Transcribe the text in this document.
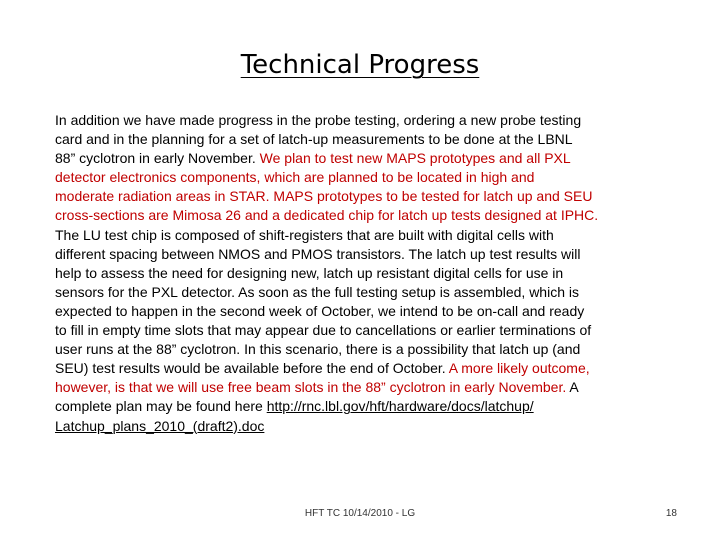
Technical Progress
In addition we have made progress in the probe testing, ordering a new probe testing
card and in the planning for a set of latch-up measurements to be done at the LBNL
88” cyclotron in early November. We plan to test new MAPS prototypes and all PXL
detector electronics components, which are planned to be located in high and
moderate radiation areas in STAR. MAPS prototypes to be tested for latch up and SEU
cross-sections are Mimosa 26 and a dedicated chip for latch up tests designed at IPHC.
The LU test chip is composed of shift-registers that are built with digital cells with
different spacing between NMOS and PMOS transistors. The latch up test results will
help to assess the need for designing new, latch up resistant digital cells for use in
sensors for the PXL detector. As soon as the full testing setup is assembled, which is
expected to happen in the second week of October, we intend to be on-call and ready
to fill in empty time slots that may appear due to cancellations or earlier terminations of
user runs at the 88” cyclotron. In this scenario, there is a possibility that latch up (and
SEU) test results would be available before the end of October. A more likely outcome,
however, is that we will use free beam slots in the 88” cyclotron in early November. A
complete plan may be found here http://rnc.lbl.gov/hft/hardware/docs/latchup/
Latchup_plans_2010_(draft2).doc
HFT TC 10/14/2010 - LG	18
